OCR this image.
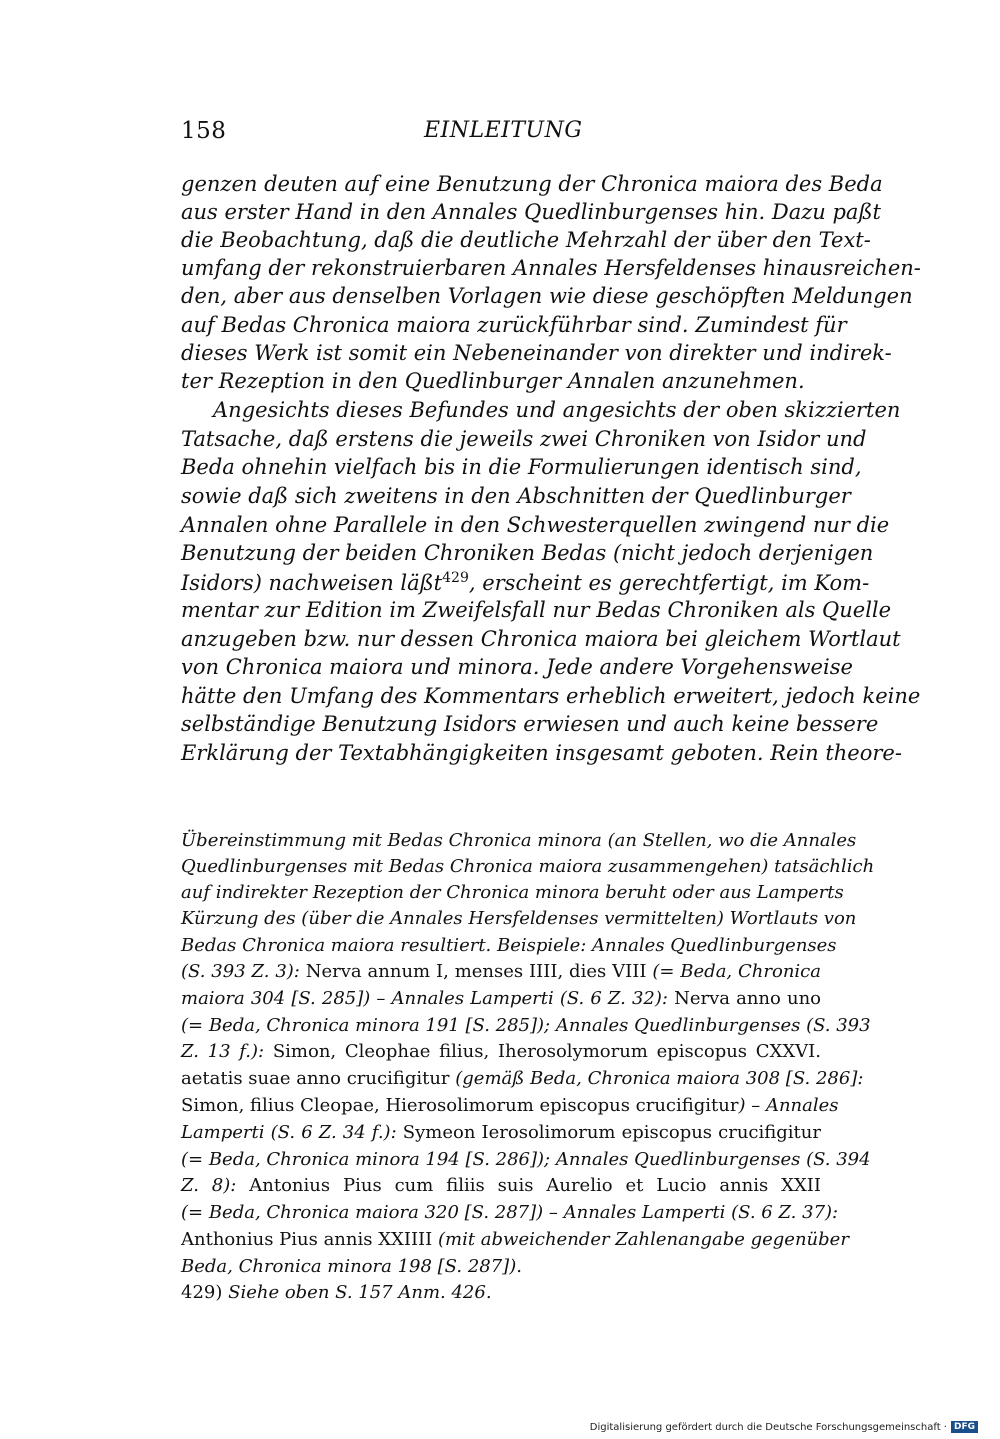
158	EINLEITUNG

genzen deuten auf eine Benutzung der Chronica maiora des Beda

aus erster Hand in den Annales Quedlinburgenses hin. Dazu paßt

die Beobachtung, daß die deutliche Mehrzahl der über den Text-

umfang der rekonstruierbaren Annales Hersfeldenses hinausreichen-

den, aber aus denselben Vorlagen wie diese geschöpften Meldungen

auf Bedas Chronica maiora zurückführbar sind. Zumindest für

dieses Werk ist somit ein Nebeneinander von direkter und indirek-

ter Rezeption in den Quedlinburger Annalen anzunehmen.

Angesichts dieses Befundes und angesichts der oben skizzierten

Tatsache, daß erstens die jeweils zwei Chroniken von Isidor und

Beda ohnehin vielfach bis in die Formulierungen identisch sind,

sowie daß sich zweitens in den Abschnitten der Quedlinburger

Annalen ohne Parallele in den Schwesterquellen zwingend nur die

Benutzung der beiden Chroniken Bedas (nicht jedoch derjenigen

Isidors) nachweisen läßt$^{429}$, erscheint es gerechtfertigt, im Kom-

mentar zur Edition im Zweifelsfall nur Bedas Chroniken als Quelle

anzugeben bzw. nur dessen Chronica maiora bei gleichem Wortlaut

von Chronica maiora und minora. Jede andere Vorgehensweise

hätte den Umfang des Kommentars erheblich erweitert, jedoch keine

selbständige Benutzung Isidors erwiesen und auch keine bessere

Erklärung der Textabhängigkeiten insgesamt geboten. Rein theore-

Übereinstimmung mit Bedas Chronica minora (an Stellen, wo die Annales

Quedlinburgenses mit Bedas Chronica maiora zusammengehen) tatsächlich

auf indirekter Rezeption der Chronica minora beruht oder aus Lamperts

Kürzung des (über die Annales Hersfeldenses vermittelten) Wortlauts von

Bedas Chronica maiora resultiert. Beispiele: Annales Quedlinburgenses

(S. 393 Z. 3): Nerva annum I, menses IIII, dies VIII (= Beda, Chronica

maiora 304 [S. 285]) – Annales Lamperti (S. 6 Z. 32): Nerva anno uno

(= Beda, Chronica minora 191 [S. 285]); Annales Quedlinburgenses (S. 393

Z. 13 f.): Simon, Cleophae filius, Iherosolymorum episcopus CXXVI.

aetatis suae anno crucifigitur (gemäß Beda, Chronica maiora 308 [S. 286]:

Simon, filius Cleopae, Hierosolimorum episcopus crucifigitur) – Annales

Lamperti (S. 6 Z. 34 f.): Symeon Ierosolimorum episcopus crucifigitur

(= Beda, Chronica minora 194 [S. 286]); Annales Quedlinburgenses (S. 394

Z. 8): Antonius Pius cum filiis suis Aurelio et Lucio annis XXII

(= Beda, Chronica maiora 320 [S. 287]) – Annales Lamperti (S. 6 Z. 37):

Anthonius Pius annis XXIIII (mit abweichender Zahlenangabe gegenüber

Beda, Chronica minora 198 [S. 287]).

429) Siehe oben S. 157 Anm. 426.

Digitalisierung gefördert durch die Deutsche Forschungsgemeinschaft · DFG
